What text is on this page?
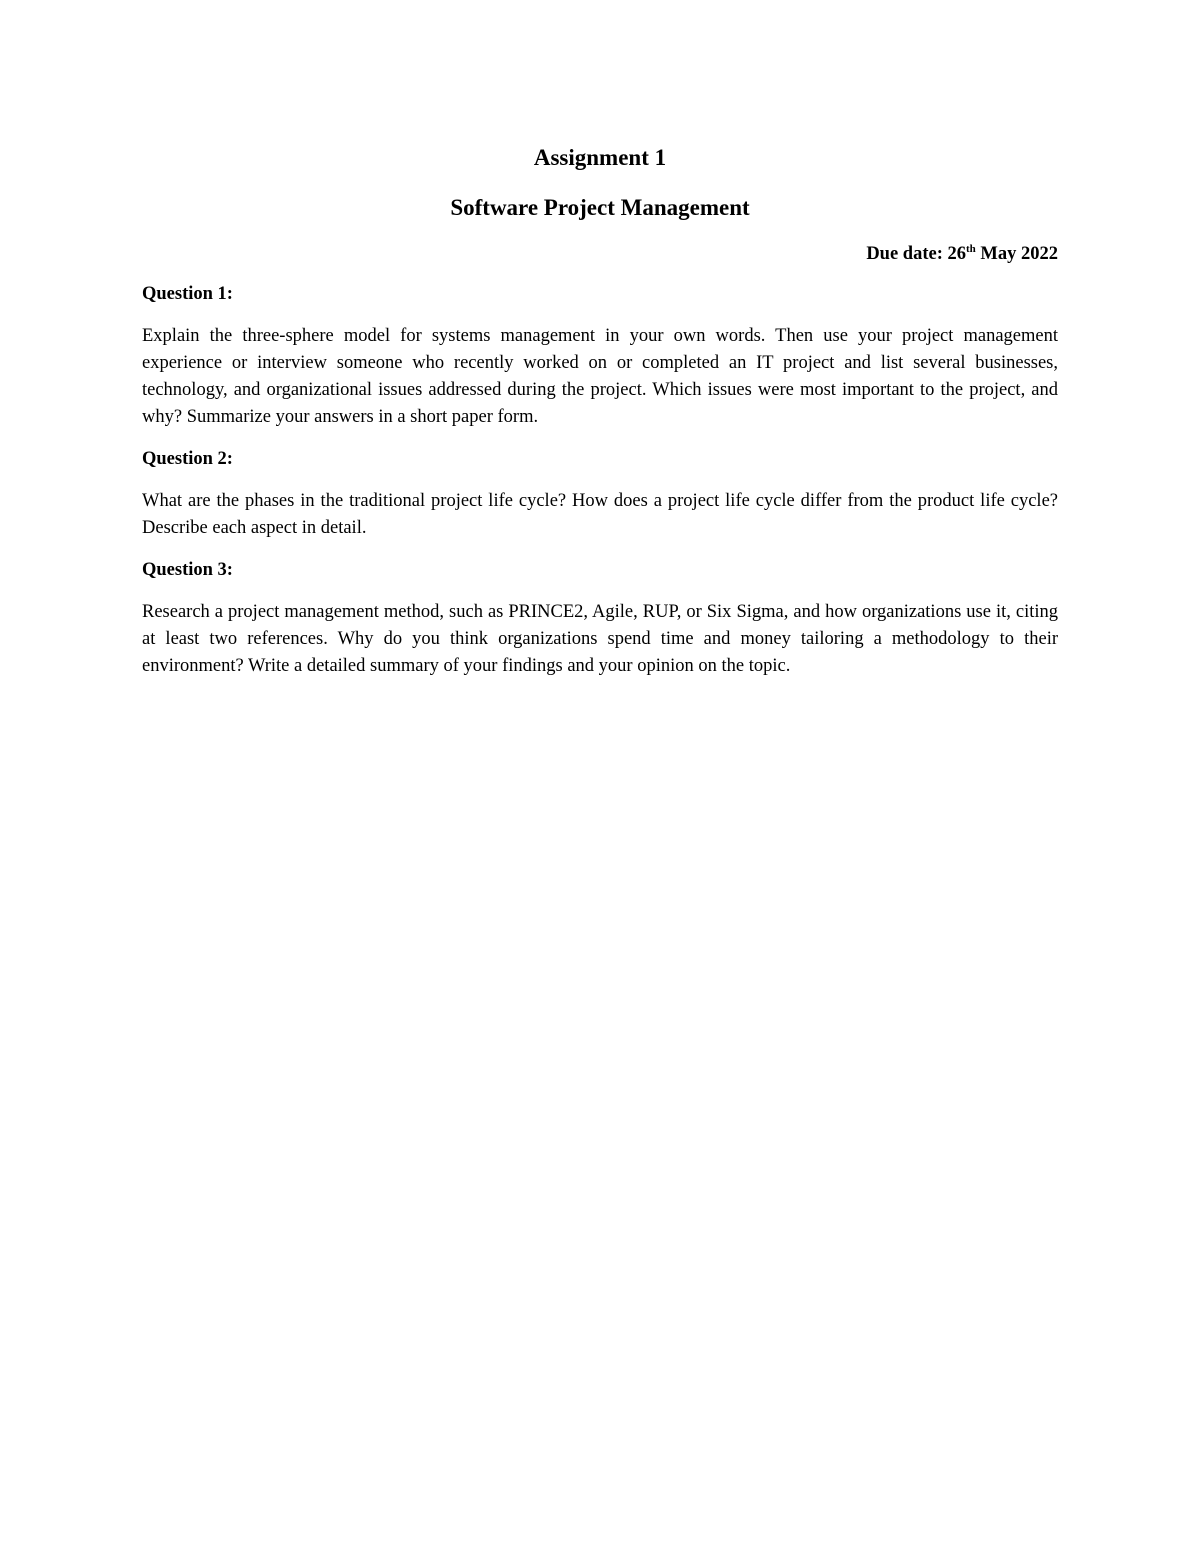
Assignment 1
Software Project Management

Due date: 26th May 2022

Question 1:

Explain the three-sphere model for systems management in your own words. Then use your project management experience or interview someone who recently worked on or completed an IT project and list several businesses, technology, and organizational issues addressed during the project. Which issues were most important to the project, and why? Summarize your answers in a short paper form.

Question 2:

What are the phases in the traditional project life cycle? How does a project life cycle differ from the product life cycle? Describe each aspect in detail.

Question 3:

Research a project management method, such as PRINCE2, Agile, RUP, or Six Sigma, and how organizations use it, citing at least two references. Why do you think organizations spend time and money tailoring a methodology to their environment? Write a detailed summary of your findings and your opinion on the topic.
